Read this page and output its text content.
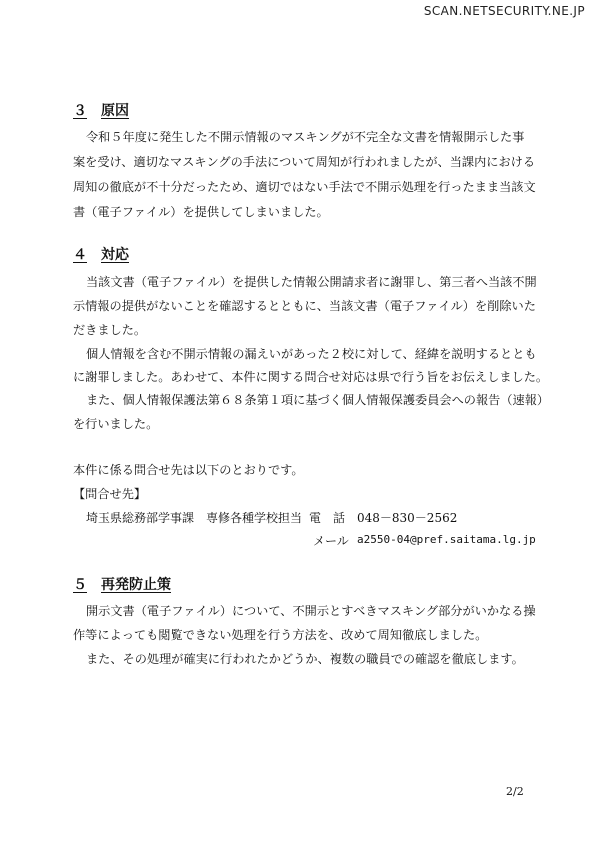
SCAN.NETSECURITY.NE.JP
３ 原因
令和５年度に発生した不開示情報のマスキングが不完全な文書を情報開示した事
案を受け、適切なマスキングの手法について周知が行われましたが、当課内における
周知の徹底が不十分だったため、適切ではない手法で不開示処理を行ったまま当該文
書（電子ファイル）を提供してしまいました。
４ 対応
当該文書（電子ファイル）を提供した情報公開請求者に謝罪し、第三者へ当該不開
示情報の提供がないことを確認するとともに、当該文書（電子ファイル）を削除いた
だきました。
個人情報を含む不開示情報の漏えいがあった２校に対して、経緯を説明するととも
に謝罪しました。あわせて、本件に関する問合せ対応は県で行う旨をお伝えしました。
また、個人情報保護法第６８条第１項に基づく個人情報保護委員会への報告（速報）
を行いました。
本件に係る問合せ先は以下のとおりです。
【問合せ先】
埼玉県総務部学事課　専修各種学校担当 電　話 048－830－2562
メール a2550-04@pref.saitama.lg.jp
５ 再発防止策
開示文書（電子ファイル）について、不開示とすべきマスキング部分がいかなる操
作等によっても閲覧できない処理を行う方法を、改めて周知徹底しました。
また、その処理が確実に行われたかどうか、複数の職員での確認を徹底します。
2/2
